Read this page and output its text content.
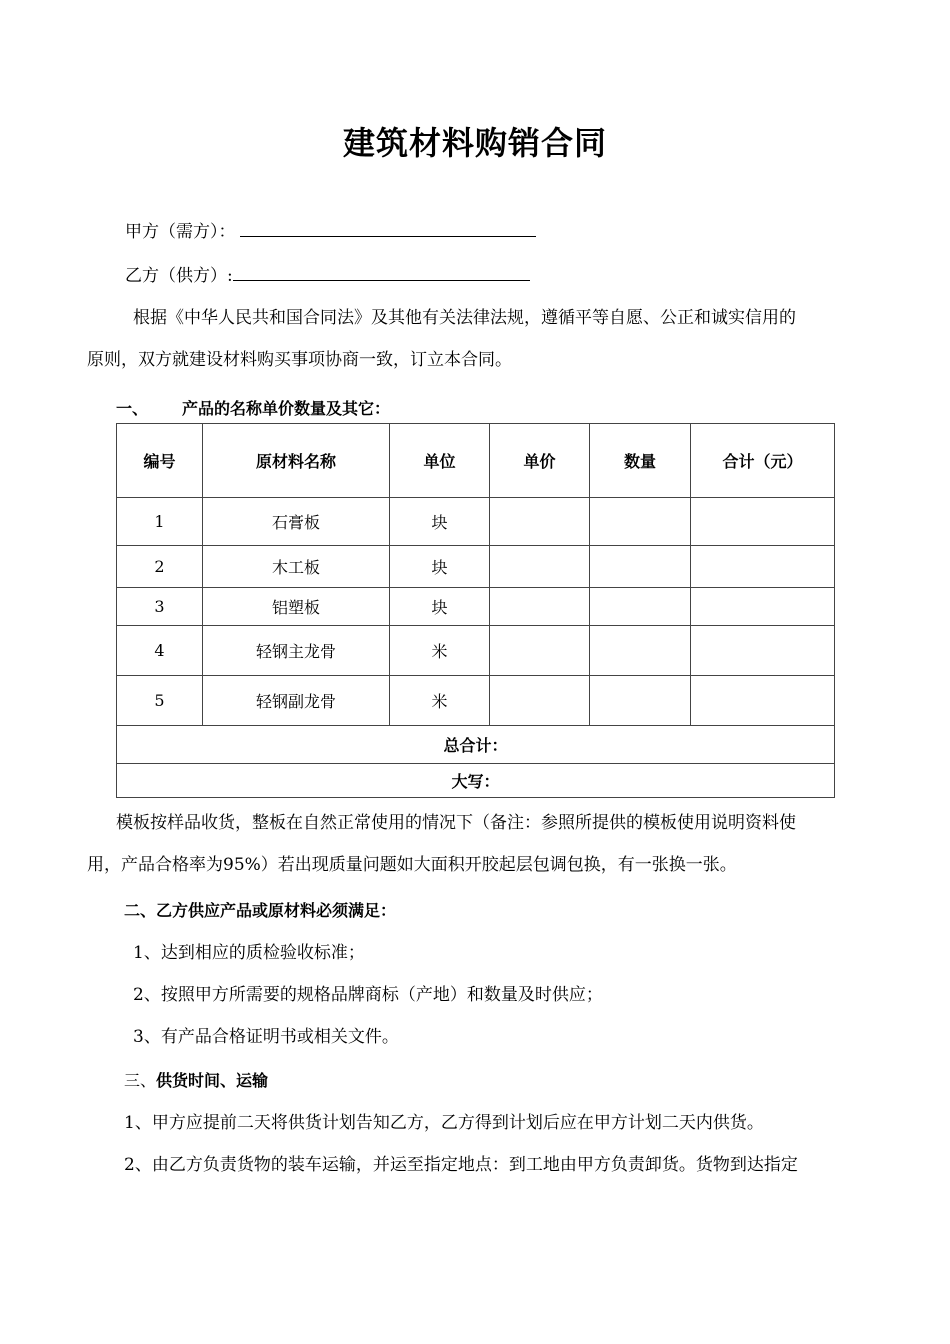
建筑材料购销合同
甲方（需方）：
乙方（供方）:
根据《中华人民共和国合同法》及其他有关法律法规，遵循平等自愿、公正和诚实信用的
原则，双方就建设材料购买事项协商一致，订立本合同。
一、 产品的名称单价数量及其它：
编号	原材料名称	单位	单价	数量	合计（元）
1	石膏板	块			
2	木工板	块			
3	铝塑板	块			
4	轻钢主龙骨	米			
5	轻钢副龙骨	米			
总合计：					
大写：					
模板按样品收货，整板在自然正常使用的情况下（备注：参照所提供的模板使用说明资料使
用，产品合格率为95%）若出现质量问题如大面积开胶起层包调包换，有一张换一张。
二、乙方供应产品或原材料必须满足：
1、达到相应的质检验收标准；
2、按照甲方所需要的规格品牌商标（产地）和数量及时供应；
3、有产品合格证明书或相关文件。
三、供货时间、运输
1、甲方应提前二天将供货计划告知乙方，乙方得到计划后应在甲方计划二天内供货。
2、由乙方负责货物的装车运输，并运至指定地点：到工地由甲方负责卸货。货物到达指定
